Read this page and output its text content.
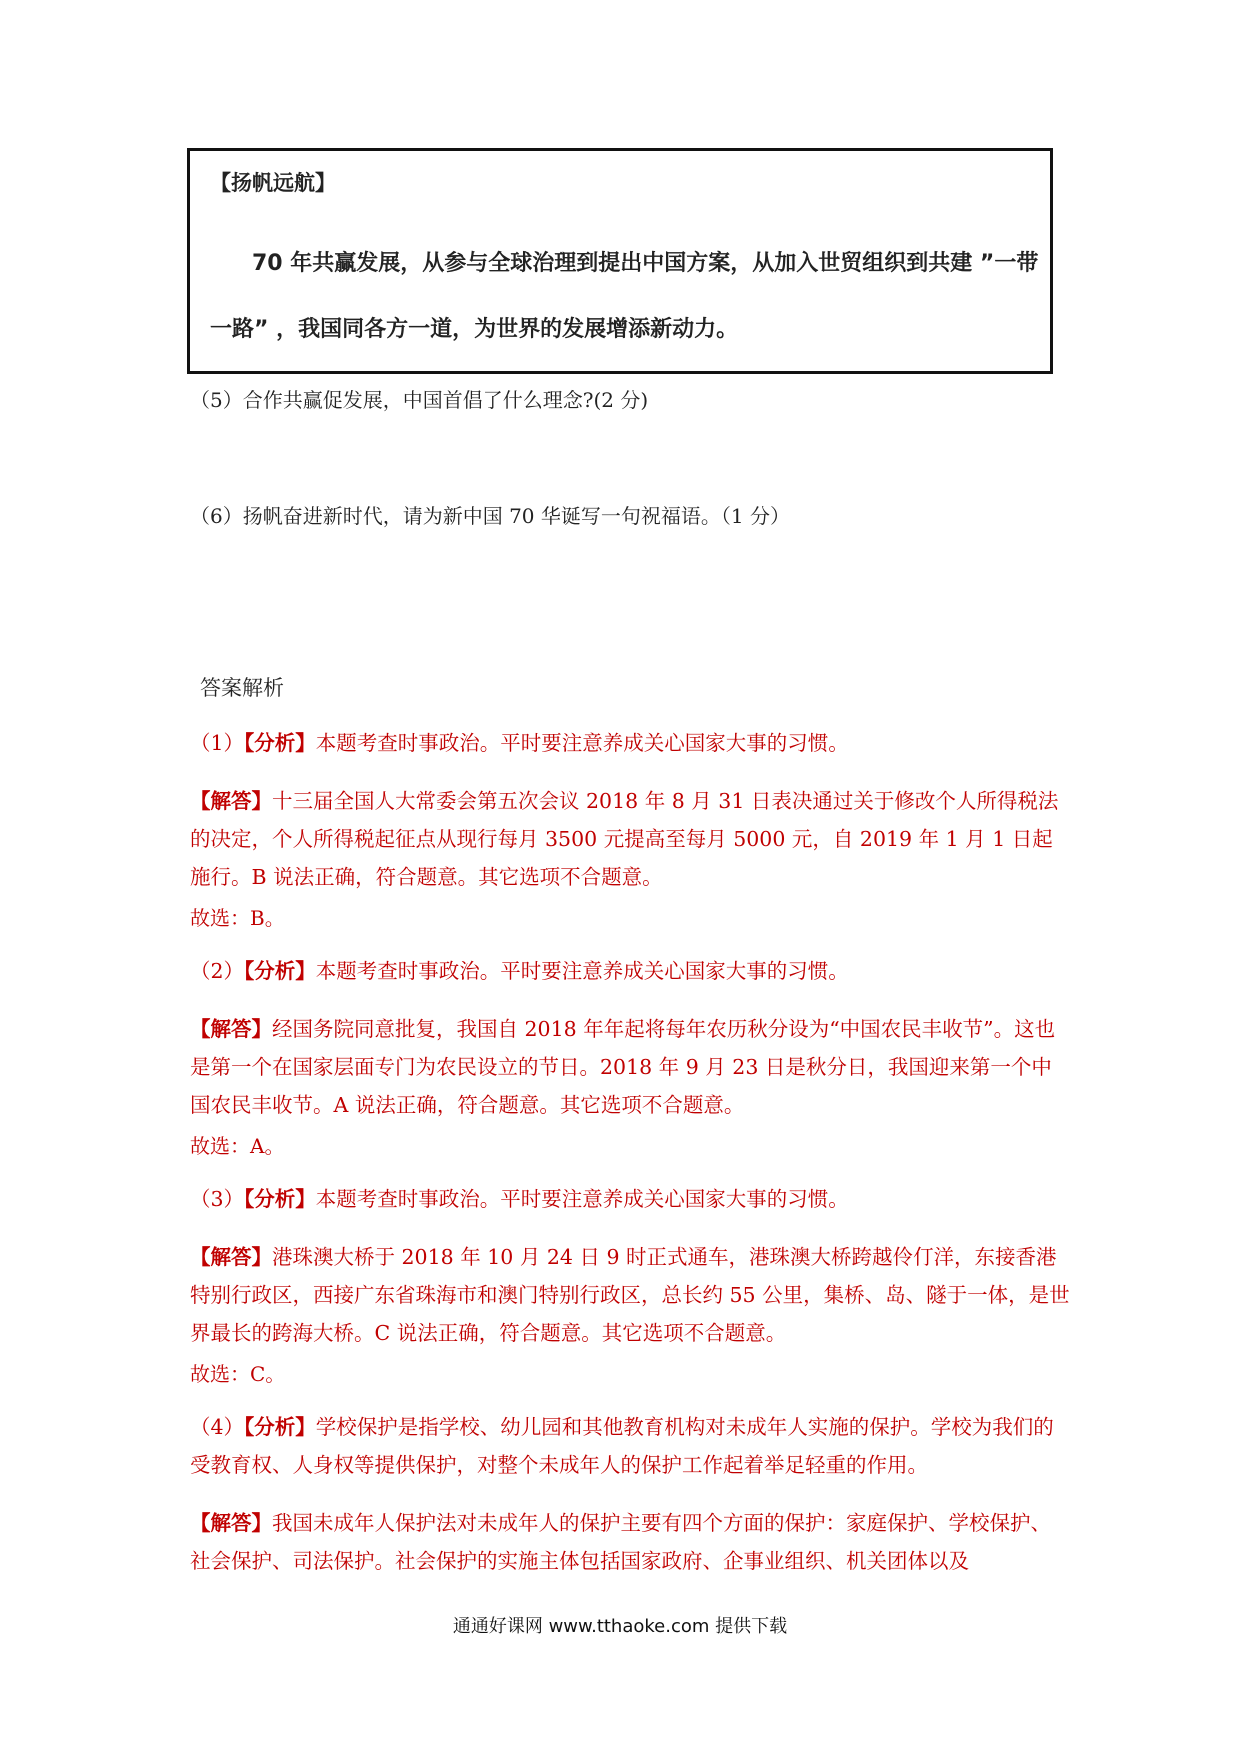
【扬帆远航】
70 年共赢发展，从参与全球治理到提出中国方案，从加入世贸组织到共建 ”一带一路” ，我国同各方一道，为世界的发展增添新动力。
（5）合作共赢促发展，中国首倡了什么理念?(2 分)
（6）扬帆奋进新时代，请为新中国 70 华诞写一句祝福语。（1 分）
答案解析
（1）【分析】本题考查时事政治。平时要注意养成关心国家大事的习惯。
【解答】十三届全国人大常委会第五次会议 2018 年 8 月 31 日表决通过关于修改个人所得税法的决定，个人所得税起征点从现行每月 3500 元提高至每月 5000 元，自 2019 年 1 月 1 日起施行。B 说法正确，符合题意。其它选项不合题意。
故选：B。
（2）【分析】本题考查时事政治。平时要注意养成关心国家大事的习惯。
【解答】经国务院同意批复，我国自 2018 年年起将每年农历秋分设为“中国农民丰收节”。这也是第一个在国家层面专门为农民设立的节日。2018 年 9 月 23 日是秋分日，我国迎来第一个中国农民丰收节。A 说法正确，符合题意。其它选项不合题意。
故选：A。
（3）【分析】本题考查时事政治。平时要注意养成关心国家大事的习惯。
【解答】港珠澳大桥于 2018 年 10 月 24 日 9 时正式通车，港珠澳大桥跨越伶仃洋，东接香港特别行政区，西接广东省珠海市和澳门特别行政区，总长约 55 公里，集桥、岛、隧于一体，是世界最长的跨海大桥。C 说法正确，符合题意。其它选项不合题意。
故选：C。
（4）【分析】学校保护是指学校、幼儿园和其他教育机构对未成年人实施的保护。学校为我们的受教育权、人身权等提供保护，对整个未成年人的保护工作起着举足轻重的作用。
【解答】我国未成年人保护法对未成年人的保护主要有四个方面的保护：家庭保护、学校保护、社会保护、司法保护。社会保护的实施主体包括国家政府、企事业组织、机关团体以及
通通好课网 www.tthaoke.com 提供下载
